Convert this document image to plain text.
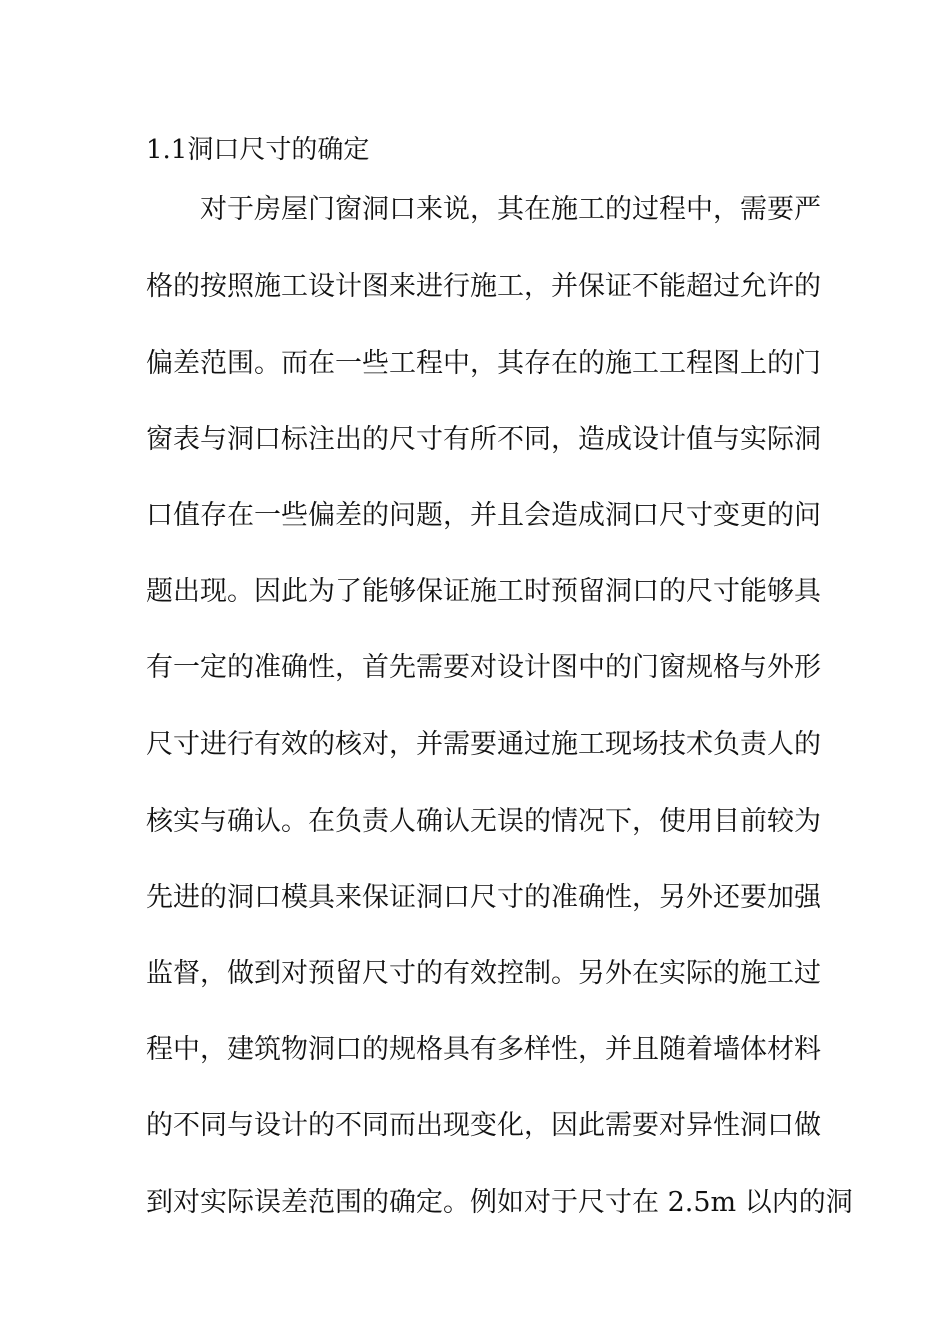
1.1洞口尺寸的确定
对于房屋门窗洞口来说，其在施工的过程中，需要严
格的按照施工设计图来进行施工，并保证不能超过允许的
偏差范围。而在一些工程中，其存在的施工工程图上的门
窗表与洞口标注出的尺寸有所不同，造成设计值与实际洞
口值存在一些偏差的问题，并且会造成洞口尺寸变更的问
题出现。因此为了能够保证施工时预留洞口的尺寸能够具
有一定的准确性，首先需要对设计图中的门窗规格与外形
尺寸进行有效的核对，并需要通过施工现场技术负责人的
核实与确认。在负责人确认无误的情况下，使用目前较为
先进的洞口模具来保证洞口尺寸的准确性，另外还要加强
监督，做到对预留尺寸的有效控制。另外在实际的施工过
程中，建筑物洞口的规格具有多样性，并且随着墙体材料
的不同与设计的不同而出现变化，因此需要对异性洞口做
到对实际误差范围的确定。例如对于尺寸在 2.5m 以内的洞
